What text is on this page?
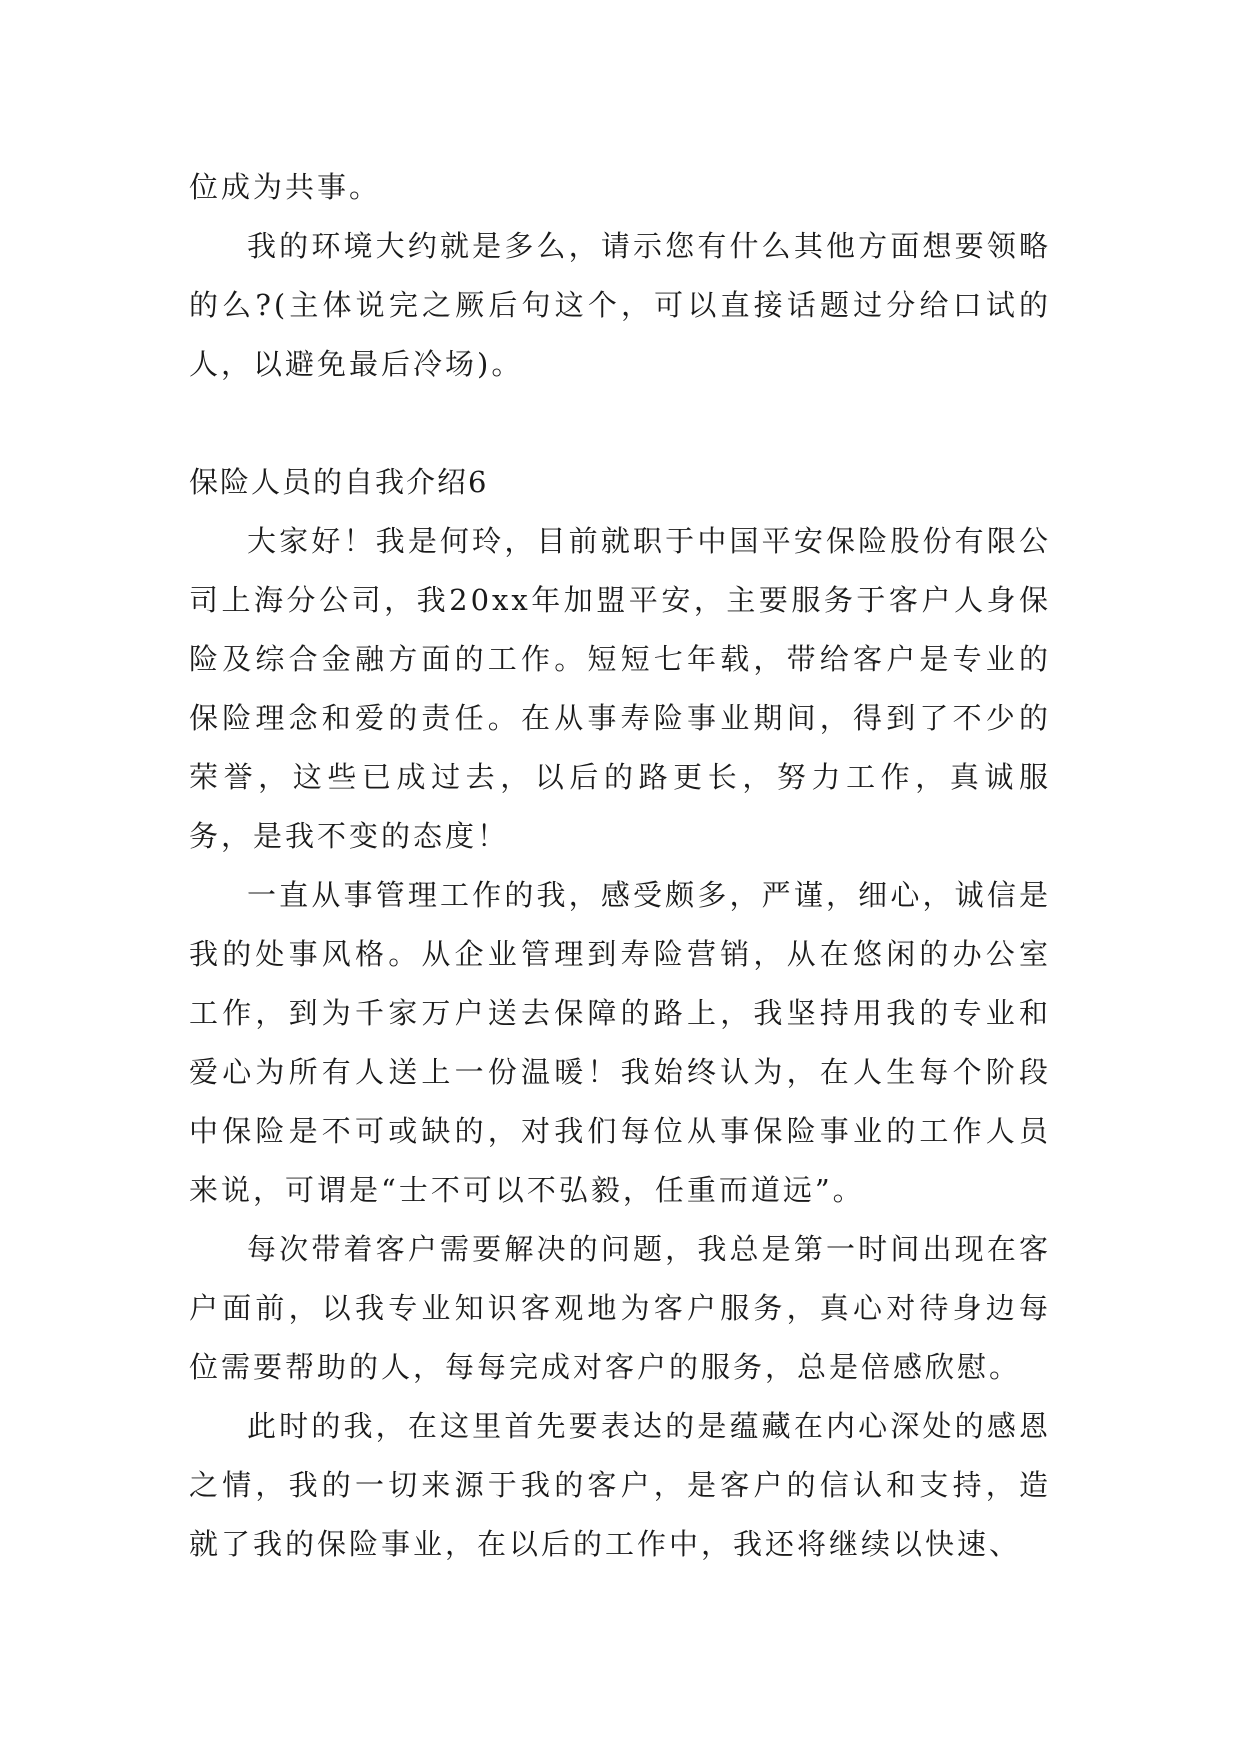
位成为共事。

我的环境大约就是多么，请示您有什么其他方面想要领略的么?(主体说完之厥后句这个，可以直接话题过分给口试的人，以避免最后冷场)。

保险人员的自我介绍6

大家好！我是何玲，目前就职于中国平安保险股份有限公司上海分公司，我20xx年加盟平安，主要服务于客户人身保险及综合金融方面的工作。短短七年载，带给客户是专业的保险理念和爱的责任。在从事寿险事业期间，得到了不少的荣誉，这些已成过去，以后的路更长，努力工作，真诚服务，是我不变的态度！

一直从事管理工作的我，感受颇多，严谨，细心，诚信是我的处事风格。从企业管理到寿险营销，从在悠闲的办公室工作，到为千家万户送去保障的路上，我坚持用我的专业和爱心为所有人送上一份温暖！我始终认为，在人生每个阶段中保险是不可或缺的，对我们每位从事保险事业的工作人员来说，可谓是“士不可以不弘毅，任重而道远”。

每次带着客户需要解决的问题，我总是第一时间出现在客户面前，以我专业知识客观地为客户服务，真心对待身边每位需要帮助的人，每每完成对客户的服务，总是倍感欣慰。

此时的我，在这里首先要表达的是蕴藏在内心深处的感恩之情，我的一切来源于我的客户，是客户的信认和支持，造就了我的保险事业，在以后的工作中，我还将继续以快速、
